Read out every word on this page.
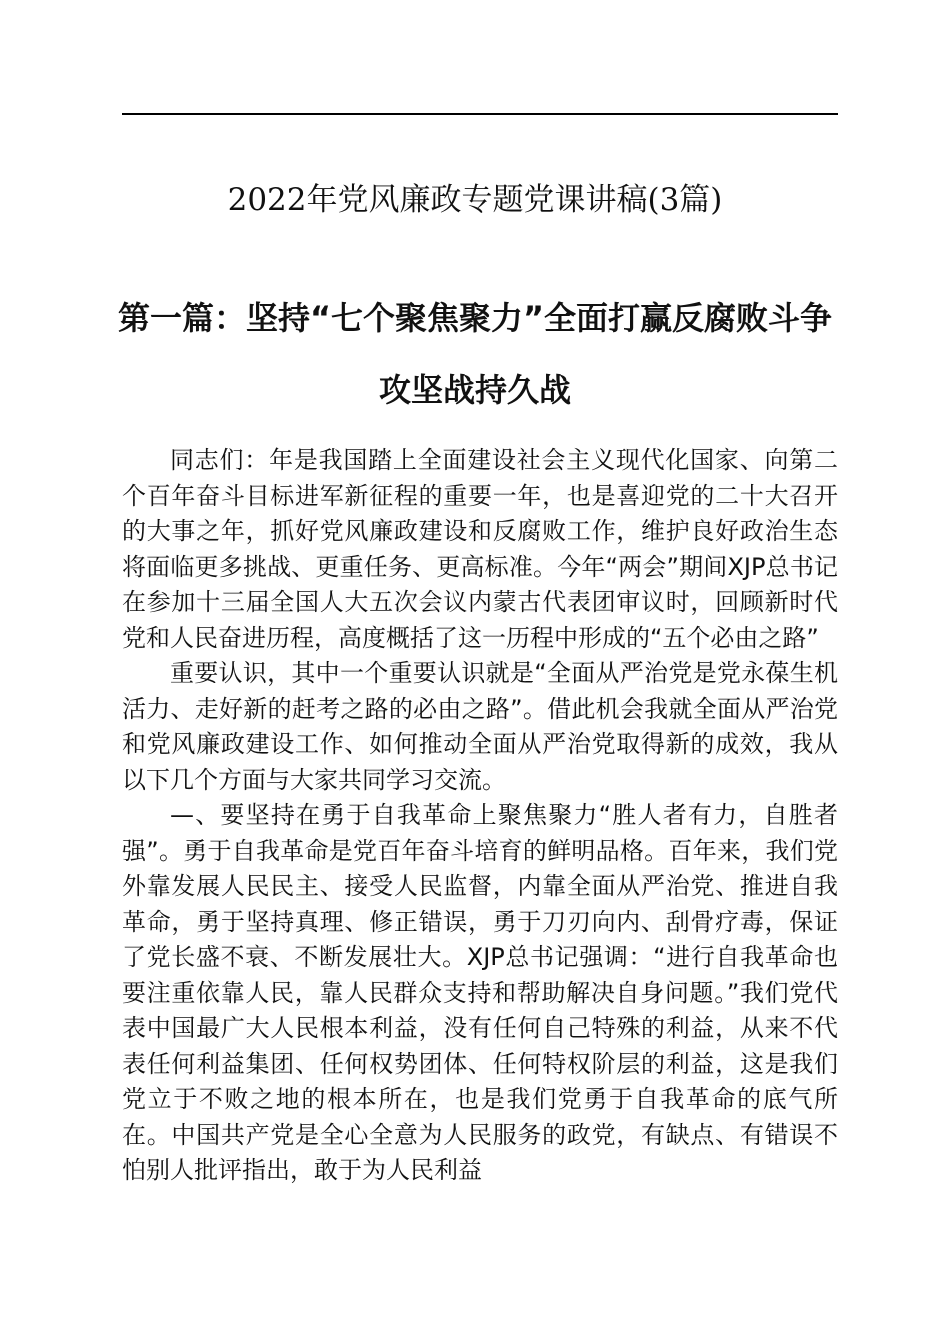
2022年党风廉政专题党课讲稿(3篇)
第一篇：坚持“七个聚焦聚力”全面打赢反腐败斗争攻坚战持久战

同志们：年是我国踏上全面建设社会主义现代化国家、向第二个百年奋斗目标进军新征程的重要一年，也是喜迎党的二十大召开的大事之年，抓好党风廉政建设和反腐败工作，维护良好政治生态将面临更多挑战、更重任务、更高标准。今年“两会”期间XJP总书记在参加十三届全国人大五次会议内蒙古代表团审议时，回顾新时代党和人民奋进历程，高度概括了这一历程中形成的“五个必由之路”

重要认识，其中一个重要认识就是“全面从严治党是党永葆生机活力、走好新的赶考之路的必由之路”。借此机会我就全面从严治党和党风廉政建设工作、如何推动全面从严治党取得新的成效，我从以下几个方面与大家共同学习交流。

—、要坚持在勇于自我革命上聚焦聚力“胜人者有力，自胜者强”。勇于自我革命是党百年奋斗培育的鲜明品格。百年来，我们党外靠发展人民民主、接受人民监督，内靠全面从严治党、推进自我革命，勇于坚持真理、修正错误，勇于刀刃向内、刮骨疗毒，保证了党长盛不衰、不断发展壮大。XJP总书记强调：“进行自我革命也要注重依靠人民，靠人民群众支持和帮助解决自身问题。”我们党代表中国最广大人民根本利益，没有任何自己特殊的利益，从来不代表任何利益集团、任何权势团体、任何特权阶层的利益，这是我们党立于不败之地的根本所在，也是我们党勇于自我革命的底气所在。中国共产党是全心全意为人民服务的政党，有缺点、有错误不怕别人批评指出，敢于为人民利益
